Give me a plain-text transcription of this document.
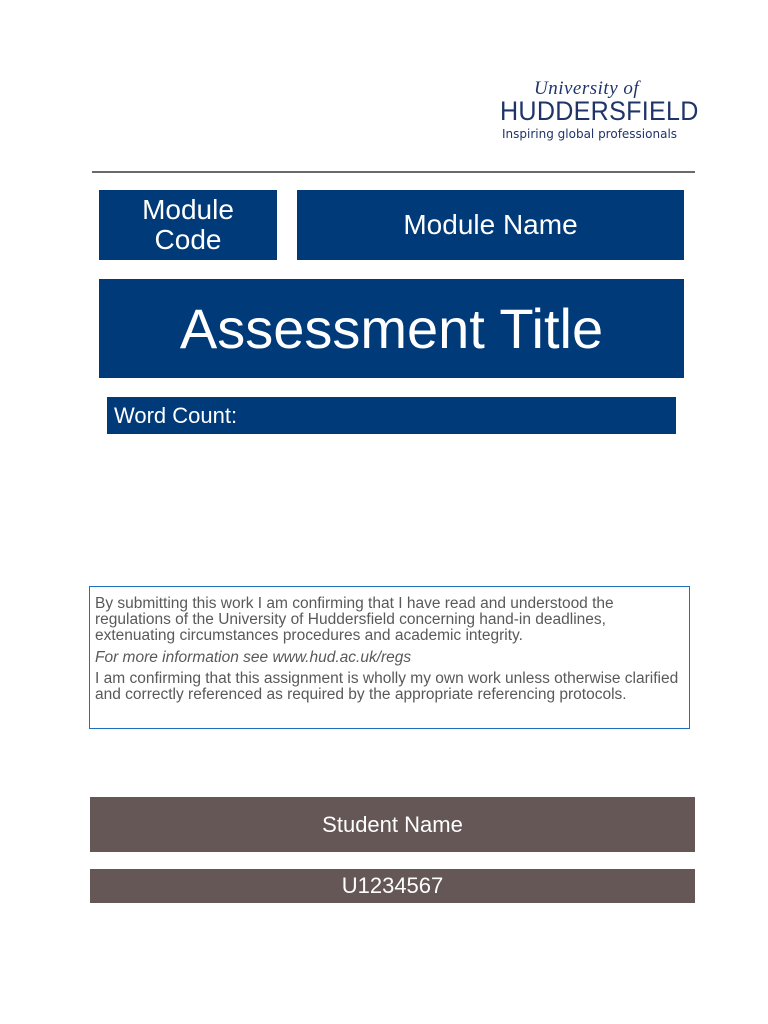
University of
HUDDERSFIELD
Inspiring global professionals
Module Code	Module Name
Assessment Title
Word Count:

By submitting this work I am confirming that I have read and understood the regulations of the University of Huddersfield concerning hand-in deadlines, extenuating circumstances procedures and academic integrity.

For more information see www.hud.ac.uk/regs

I am confirming that this assignment is wholly my own work unless otherwise clarified and correctly referenced as required by the appropriate referencing protocols.

Student Name
U1234567
